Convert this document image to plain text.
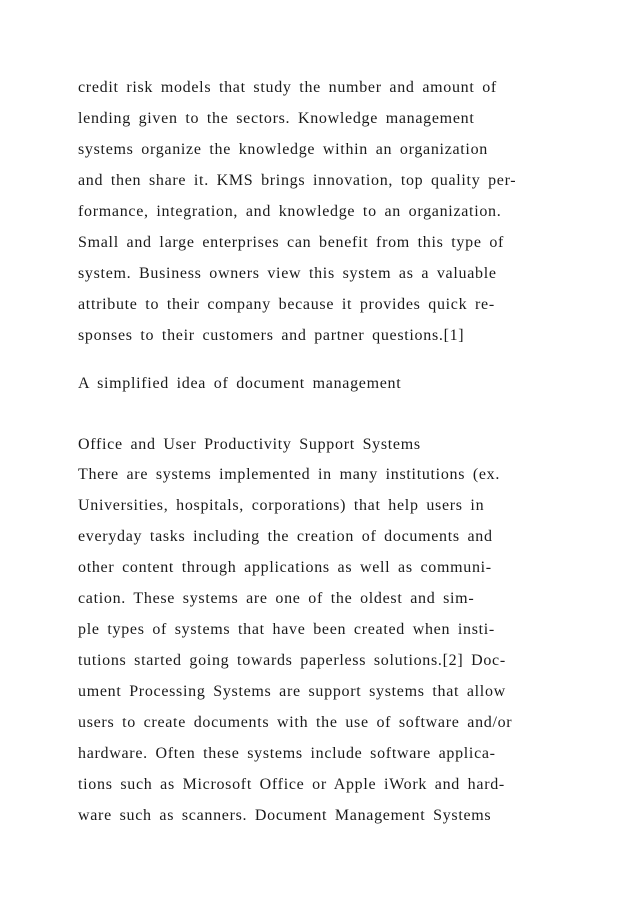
credit risk models that study the number and amount of
lending given to the sectors. Knowledge management
systems organize the knowledge within an organization
and then share it. KMS brings innovation, top quality per-
formance, integration, and knowledge to an organization.
Small and large enterprises can benefit from this type of
system. Business owners view this system as a valuable
attribute to their company because it provides quick re-
sponses to their customers and partner questions.[1]
A simplified idea of document management
Office and User Productivity Support Systems
There are systems implemented in many institutions (ex.
Universities, hospitals, corporations) that help users in
everyday tasks including the creation of documents and
other content through applications as well as communi-
cation. These systems are one of the oldest and sim-
ple types of systems that have been created when insti-
tutions started going towards paperless solutions.[2] Doc-
ument Processing Systems are support systems that allow
users to create documents with the use of software and/or
hardware. Often these systems include software applica-
tions such as Microsoft Office or Apple iWork and hard-
ware such as scanners. Document Management Systems
